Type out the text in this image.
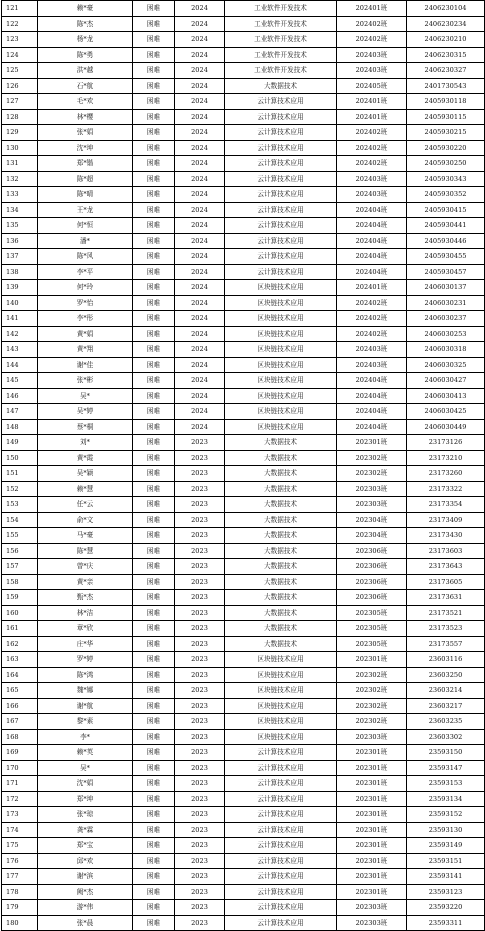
121	赖*豪	困难	2024	工业软件开发技术	202401班	2406230104
122	陈*杰	困难	2024	工业软件开发技术	202402班	2406230234
123	杨*龙	困难	2024	工业软件开发技术	202402班	2406230210
124	陈*勇	困难	2024	工业软件开发技术	202403班	2406230315
125	洪*越	困难	2024	工业软件开发技术	202403班	2406230327
126	石*航	困难	2024	大数据技术	202405班	2401730543
127	毛*欢	困难	2024	云计算技术应用	202401班	2405930118
128	林*樱	困难	2024	云计算技术应用	202401班	2405930115
129	张*娟	困难	2024	云计算技术应用	202402班	2405930215
130	沈*坤	困难	2024	云计算技术应用	202402班	2405930220
131	郑*锴	困难	2024	云计算技术应用	202402班	2405930250
132	陈*超	困难	2024	云计算技术应用	202403班	2405930343
133	陈*晴	困难	2024	云计算技术应用	202403班	2405930352
134	王*龙	困难	2024	云计算技术应用	202404班	2405930415
135	何*恒	困难	2024	云计算技术应用	202404班	2405930441
136	潘*	困难	2024	云计算技术应用	202404班	2405930446
137	陈*风	困难	2024	云计算技术应用	202404班	2405930455
138	李*平	困难	2024	云计算技术应用	202404班	2405930457
139	何*玲	困难	2024	区块链技术应用	202401班	2406030137
140	罗*怡	困难	2024	区块链技术应用	202402班	2406030231
141	李*彤	困难	2024	区块链技术应用	202402班	2406030237
142	黄*娟	困难	2024	区块链技术应用	202402班	2406030253
143	黄*翔	困难	2024	区块链技术应用	202403班	2406030318
144	谢*佳	困难	2024	区块链技术应用	202403班	2406030325
145	张*彬	困难	2024	区块链技术应用	202404班	2406030427
146	吴*	困难	2024	区块链技术应用	202404班	2406030413
147	吴*婷	困难	2024	区块链技术应用	202404班	2406030425
148	蔡*桐	困难	2024	区块链技术应用	202404班	2406030449
149	刘*	困难	2023	大数据技术	202301班	23173126
150	黄*霞	困难	2023	大数据技术	202302班	23173210
151	吴*颖	困难	2023	大数据技术	202302班	23173260
152	赖*慧	困难	2023	大数据技术	202303班	23173322
153	任*云	困难	2023	大数据技术	202303班	23173354
154	俞*文	困难	2023	大数据技术	202304班	23173409
155	马*豪	困难	2023	大数据技术	202304班	23173430
156	陈*慧	困难	2023	大数据技术	202306班	23173603
157	曾*庆	困难	2023	大数据技术	202306班	23173643
158	黄*亲	困难	2023	大数据技术	202306班	23173605
159	甄*杰	困难	2023	大数据技术	202306班	23173631
160	林*洁	困难	2023	大数据技术	202305班	23173521
161	章*欣	困难	2023	大数据技术	202305班	23173523
162	庄*华	困难	2023	大数据技术	202305班	23173557
163	罗*婷	困难	2023	区块链技术应用	202301班	23603116
164	陈*鸿	困难	2023	区块链技术应用	202302班	23603250
165	魏*娜	困难	2023	区块链技术应用	202302班	23603214
166	谢*航	困难	2023	区块链技术应用	202302班	23603217
167	黎*素	困难	2023	区块链技术应用	202302班	23603235
168	李*	困难	2023	区块链技术应用	202303班	23603302
169	赖*英	困难	2023	云计算技术应用	202301班	23593150
170	吴*	困难	2023	云计算技术应用	202301班	23593147
171	沈*娟	困难	2023	云计算技术应用	202301班	23593153
172	郑*坤	困难	2023	云计算技术应用	202301班	23593134
173	张*琼	困难	2023	云计算技术应用	202301班	23593152
174	龚*霖	困难	2023	云计算技术应用	202301班	23593130
175	郑*宝	困难	2023	云计算技术应用	202301班	23593149
176	邱*欢	困难	2023	云计算技术应用	202301班	23593151
177	谢*滨	困难	2023	云计算技术应用	202301班	23593141
178	阙*杰	困难	2023	云计算技术应用	202301班	23593123
179	游*伟	困难	2023	云计算技术应用	202303班	23593220
180	张*晨	困难	2023	云计算技术应用	202303班	23593311
